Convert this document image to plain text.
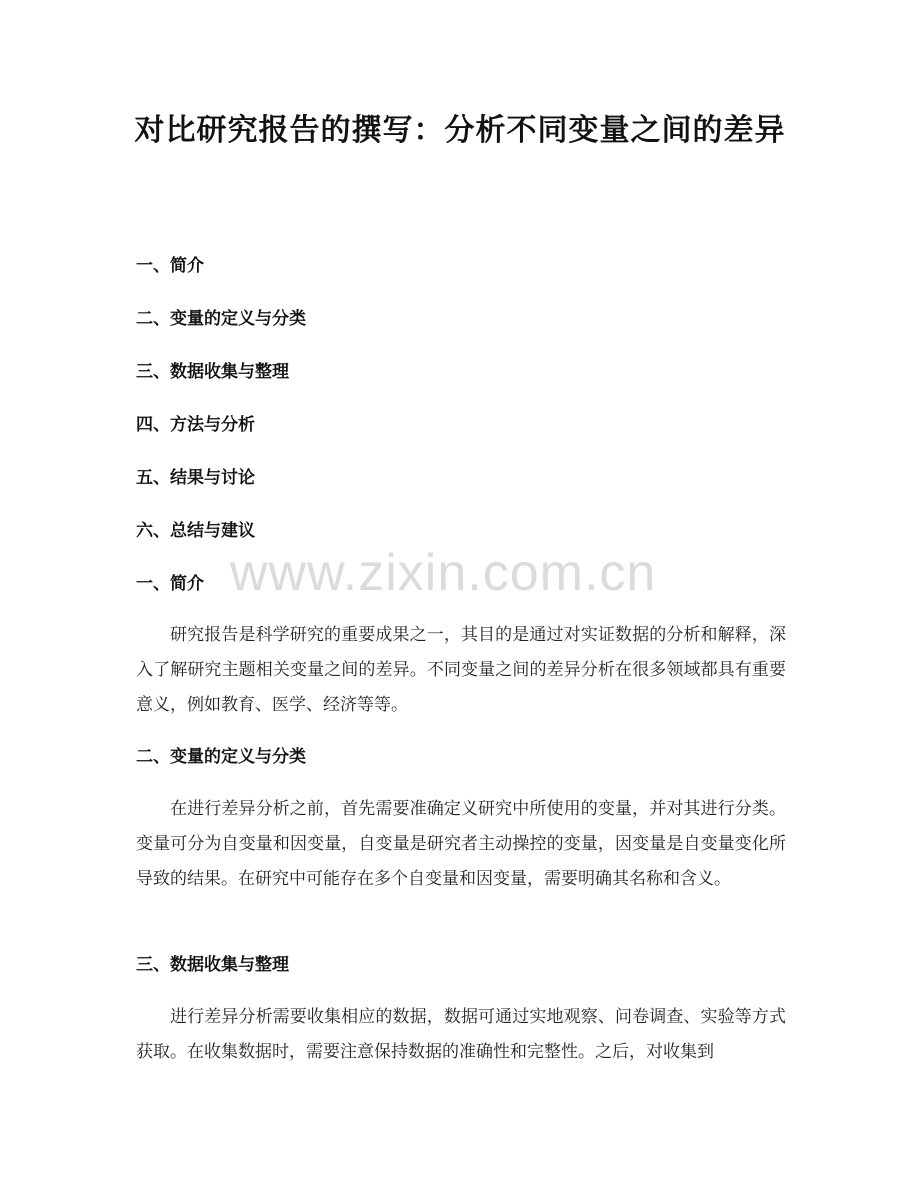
对比研究报告的撰写：分析不同变量之间的差异
一、简介
二、变量的定义与分类
三、数据收集与整理
四、方法与分析
五、结果与讨论
六、总结与建议
一、简介

研究报告是科学研究的重要成果之一，其目的是通过对实证数据的分析和解释，深入了解研究主题相关变量之间的差异。不同变量之间的差异分析在很多领域都具有重要意义，例如教育、医学、经济等等。

二、变量的定义与分类

在进行差异分析之前，首先需要准确定义研究中所使用的变量，并对其进行分类。变量可分为自变量和因变量，自变量是研究者主动操控的变量，因变量是自变量变化所导致的结果。在研究中可能存在多个自变量和因变量，需要明确其名称和含义。

三、数据收集与整理

进行差异分析需要收集相应的数据，数据可通过实地观察、问卷调查、实验等方式获取。在收集数据时，需要注意保持数据的准确性和完整性。之后，对收集到

www.zixin.com.cn
